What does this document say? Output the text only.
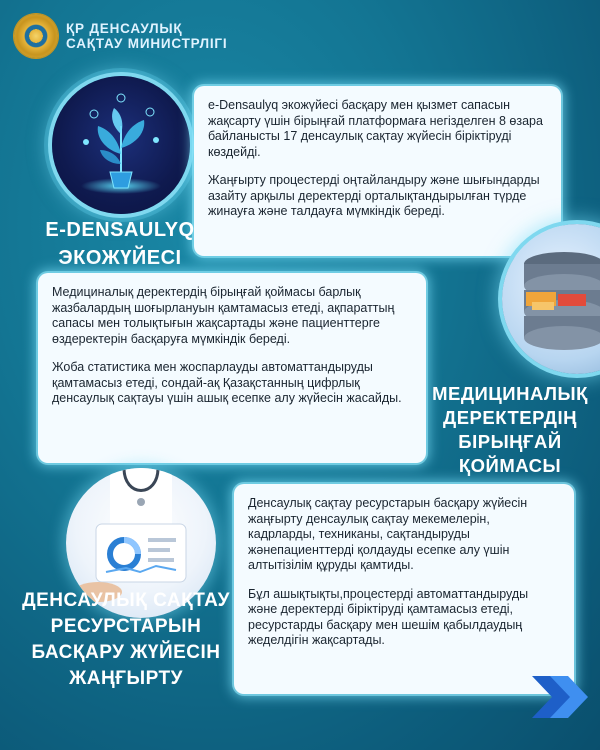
ҚР ДЕНСАУЛЫҚ
САҚТАУ МИНИСТРЛІГІ

e-Densaulyq экожүйесі басқару мен қызмет сапасын жақсарту үшін бірыңғай платформаға негізделген 8 өзара байланысты 17 денсаулық сақтау жүйесін біріктіруді көздейді.

Жаңғырту процестерді оңтайландыру және шығындарды азайту арқылы деректерді орталықтандырылған түрде жинауға және талдауға мүмкіндік береді.

E-DENSAULYQ
ЭКОЖҮЙЕСІ

Медициналық деректердің бірыңғай қоймасы барлық жазбалардың шоғырлануын қамтамасыз етеді, ақпараттың сапасы мен толықтығын жақсартады және пациенттерге өздеректерін басқаруға мүмкіндік береді.

Жоба статистика мен жоспарлауды автоматтандыруды қамтамасыз етеді, сондай-ақ Қазақстанның цифрлық денсаулық сақтауы үшін ашық есепке алу жүйесін жасайды.	МЕДИЦИНАЛЫҚ
ДЕРЕКТЕРДІҢ
БІРЫҢҒАЙ
ҚОЙМАСЫ

Денсаулық сақтау ресурстарын басқару жүйесін жаңғырту денсаулық сақтау мекемелерін, кадрларды, техниканы, сақтандыруды жәнепациенттерді қолдауды есепке алу үшін алтытізілім құруды қамтиды.

Бұл ашықтықты,процестерді автоматтандыруды және деректерді біріктіруді қамтамасыз етеді, ресурстарды басқару мен шешім қабылдаудың жеделдігін жақсартады.

ДЕНСАУЛЫҚ САҚТАУ
РЕСУРСТАРЫН
БАСҚАРУ ЖҮЙЕСІН
ЖАҢҒЫРТУ
